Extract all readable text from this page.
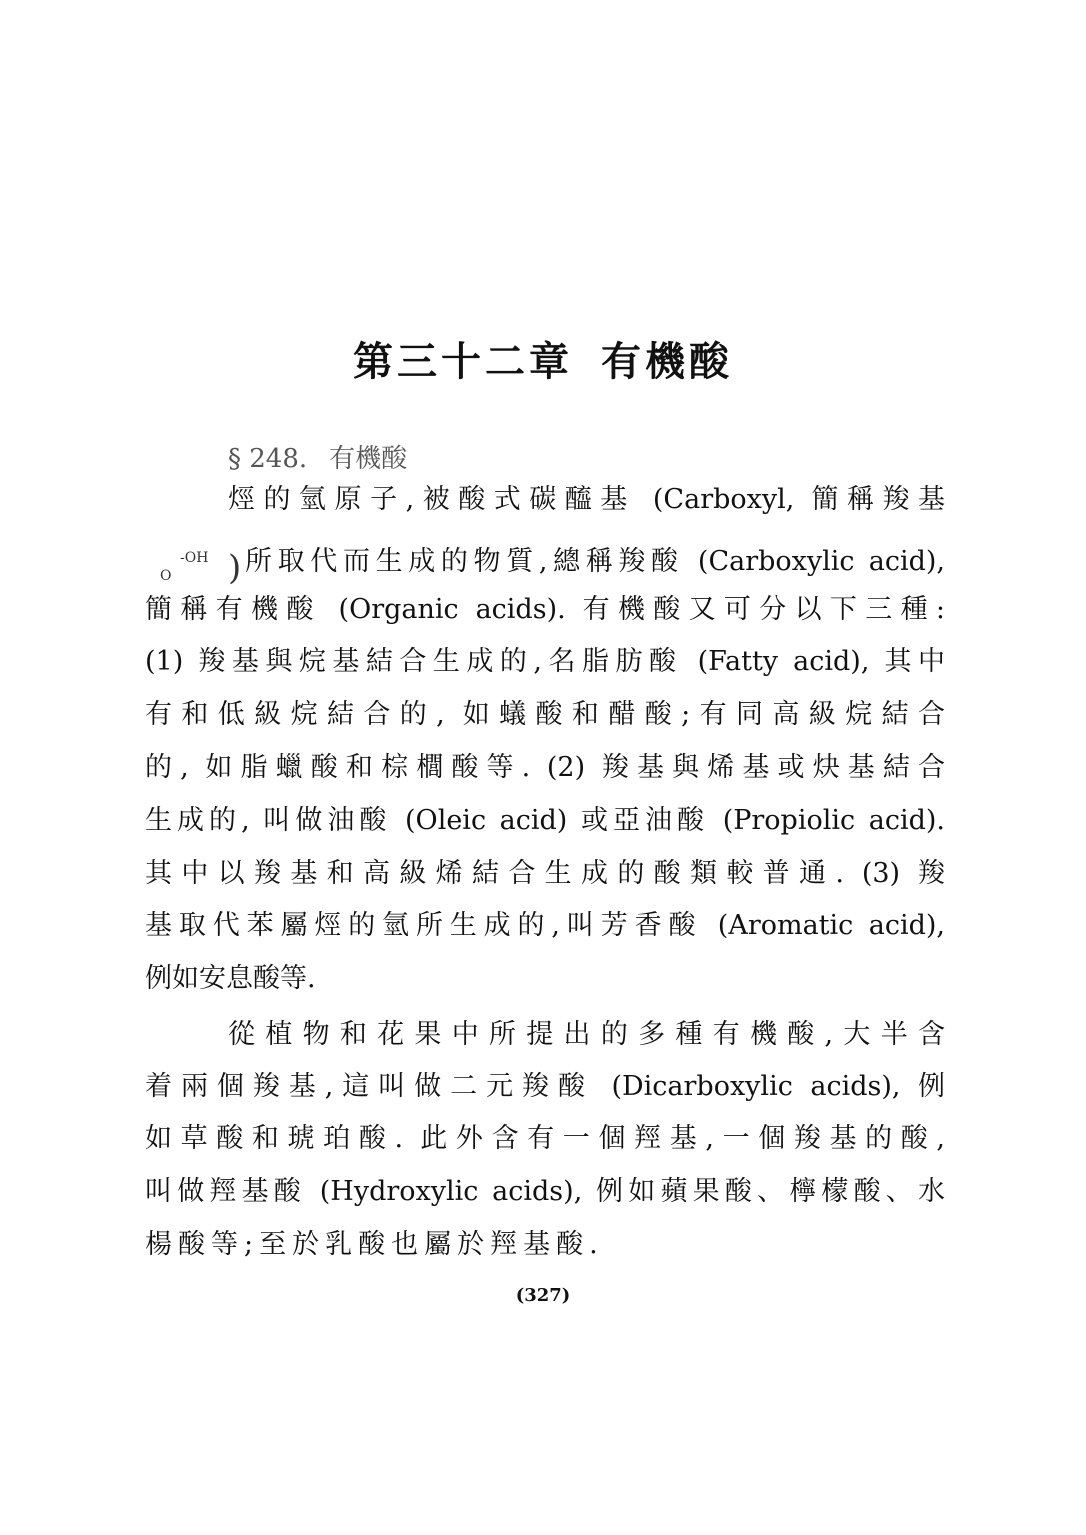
第三十二章 有機酸
§ 248. 有機酸
-OH
O )
烴的氫原子,被酸式碳醯基 (Carboxyl, 簡稱羧基
所取代而生成的物質,總稱羧酸 (Carboxylic acid),
簡稱有機酸 (Organic acids). 有機酸又可分以下三種:
(1) 羧基與烷基結合生成的,名脂肪酸 (Fatty acid), 其中
有和低級烷結合的, 如蟻酸和醋酸;有同高級烷結合
的, 如脂蠟酸和棕櫚酸等. (2) 羧基與烯基或炔基結合
生成的, 叫做油酸 (Oleic acid) 或亞油酸 (Propiolic acid).
其中以羧基和高級烯結合生成的酸類較普通. (3) 羧
基取代苯屬烴的氫所生成的,叫芳香酸 (Aromatic acid),
例如安息酸等.
從植物和花果中所提出的多種有機酸,大半含
着兩個羧基,這叫做二元羧酸 (Dicarboxylic acids), 例
如草酸和琥珀酸. 此外含有一個羥基,一個羧基的酸,
叫做羥基酸 (Hydroxylic acids), 例如蘋果酸、檸檬酸、水
楊酸等;至於乳酸也屬於羥基酸.
(327)
